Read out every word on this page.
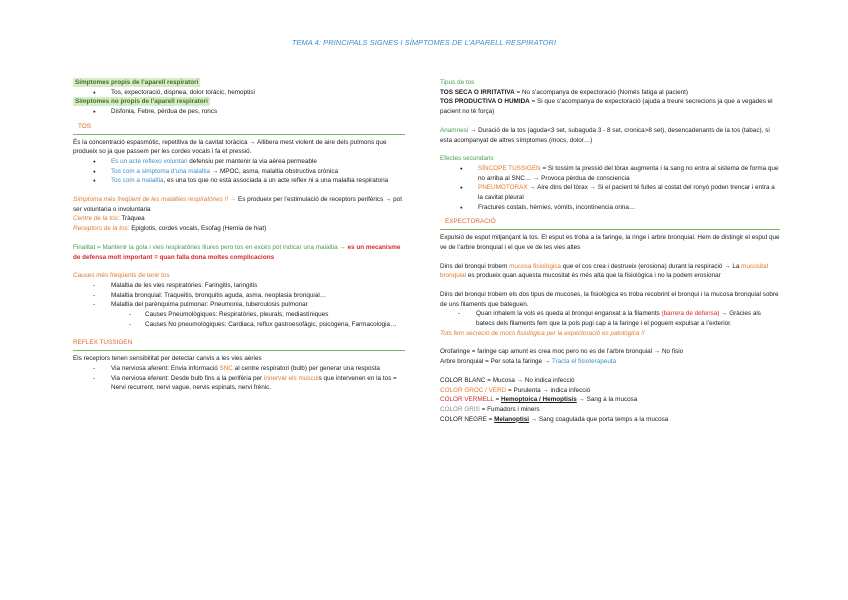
TEMA 4: PRINCIPALS SIGNES I SÍMPTOMES DE L’APARELL RESPIRATORI
Símptomes propis de l’aparell respiratori
● Tos, expectoració, dispnea, dolor toràcic, hemoptisi
Símptomes no propis de l’aparell respiratori
● Disfonia, Febre, pèrdua de pes, roncs
TOS

És la concentració espasmòtic, repetitiva de la cavitat toràcica → Allibera mest violent de aire dels pulmons que produeix so ja que passem per les cordes vocals i fa et pressió.

● Es un acte reflexo voluntari defensiu per mantenir la via aèrea permeable
● Tos com a simptoma d’una malaltia → MPOC, asma, malaltia obstructiva crònica
● Tos com a malaltia, es una tos que no està associada a un acte reflex ni a una malaltia respiratoria

Símptoma més freqüent de les malalties respiratòries !! → Es produeix per l’estimulació de receptors perifèrics → pot ser voluntaria o involuntaria

Centre de la tos: Tràquea

Receptors de la tos: Epiglotis, cordes vocals, Esofag (Hernia de hiat)

Finalitat = Mantenir la gola i vies respiratòries lliures pero tos en excés pot indicar una malaltia → es un mecanisme de defensa molt important = quan falla dona moltes complicacions

Causes més freqüents de tenir tos
- Malaltia de les vies respiratòries: Faringitis, laringitis
- Malaltia bronquial: Traqueitis, bronquitis aguda, asma, neoplasia bronquial…
- Malaltia del parènquima pulmonar: Pneumonia, tuberculosis pulmonar
- Causes Pneumològiques: Respiratòries, pleurals, mediastíniques
- Causes No pneumològiques: Cardiaca, reflux gastroesofàgic, psicògena, Farmacologia…
REFLEX TUSSIGEN

Els receptors tenen sensibilitat per detectar canvis a les vies aèries

- Via nerviosa aferent: Envia informació SNC al centre respiratori (bulb) per generar una resposta
- Via nerviosa eferent: Desde bulb fins a la perifèria per innervar els musculs que intervenen en la tos = Nervi recurrent, nervi vague, nervis espinals, nervi frènic.
Tipus de tos

TOS SECA O IRRITATIVA = No s’acompanya de expectoració (Només fatiga al pacient)

TOS PRODUCTIVA O HUMIDA = Si que s’acompanya de expectoració (ajuda a treure secrecions ja que a vegades el pacient no té força)

Anamnesi → Duració de la tos (aguda<3 set, subaguda 3 - 8 set, cronica>8 set), desencadenants de la tos (tabac), si esta acompanyat de altres símptomes (mocs, dolor…)

Efectes secundaris
● SÍNCOPE TUSSIGEN = Si tossim la pressió del tòrax augmenta i la sang no entra al sistema de forma que no arriba al SNC… → Provoca pèrdua de consciencia
● PNEUMOTORAX → Aire dins del tòrax → Si el pacient té fulles al costat del ronyó poden trencar i entra a la cavitat pleural
● Fractures costals, hèrnies, vòmits, incontinencia orina…
EXPECTORACIÓ

Expulsió de esput mitjançant la tos. El esput es troba a la faringe, la ringe i arbre bronquial. Hem de distingir el esput que ve de l’arbre bronquial i el que ve de les vies altes

Dins del bronqui trobem mucosa fisiològica que el cos crea i destrueix (erosiona) durant la respiració → La mucositat bronquial es produeix quan aquesta mucositat és més alta que la fisiològica i no la podem erosionar

Dins del bronqui trobem els dos tipus de mucoses, la fisiològica es troba recobrint el bronqui i la mucosa bronquial sobre de uns filaments que bateguen.

- Quan inhalem la vols es queda al bronqui enganxat a la filaments (barrera de defensa) → Gràcies als batecs dels filaments fem que la pols pugi cap a la faringe i el poguem expulsar a l’exterior.

Tots fem secreció de mocs fisiològica per la expectoració es patològica !!

Orofaringe = faringe cap amunt es crea moc pero no es de l’arbre bronquial → No fisio

Arbre bronquial = Per sota la faringe → Tracta el fisioterapeuta

COLOR BLANC = Mucosa → No indica infecció

COLOR GROC / VERD = Purulenta → indica infecció

COLOR VERMELL = Hemoptoica / Hemoptisis → Sang a la mucosa

COLOR GRIS = Fumadors i miners

COLOR NEGRE = Melanoptisi → Sang coagulada que porta temps a la mucosa
